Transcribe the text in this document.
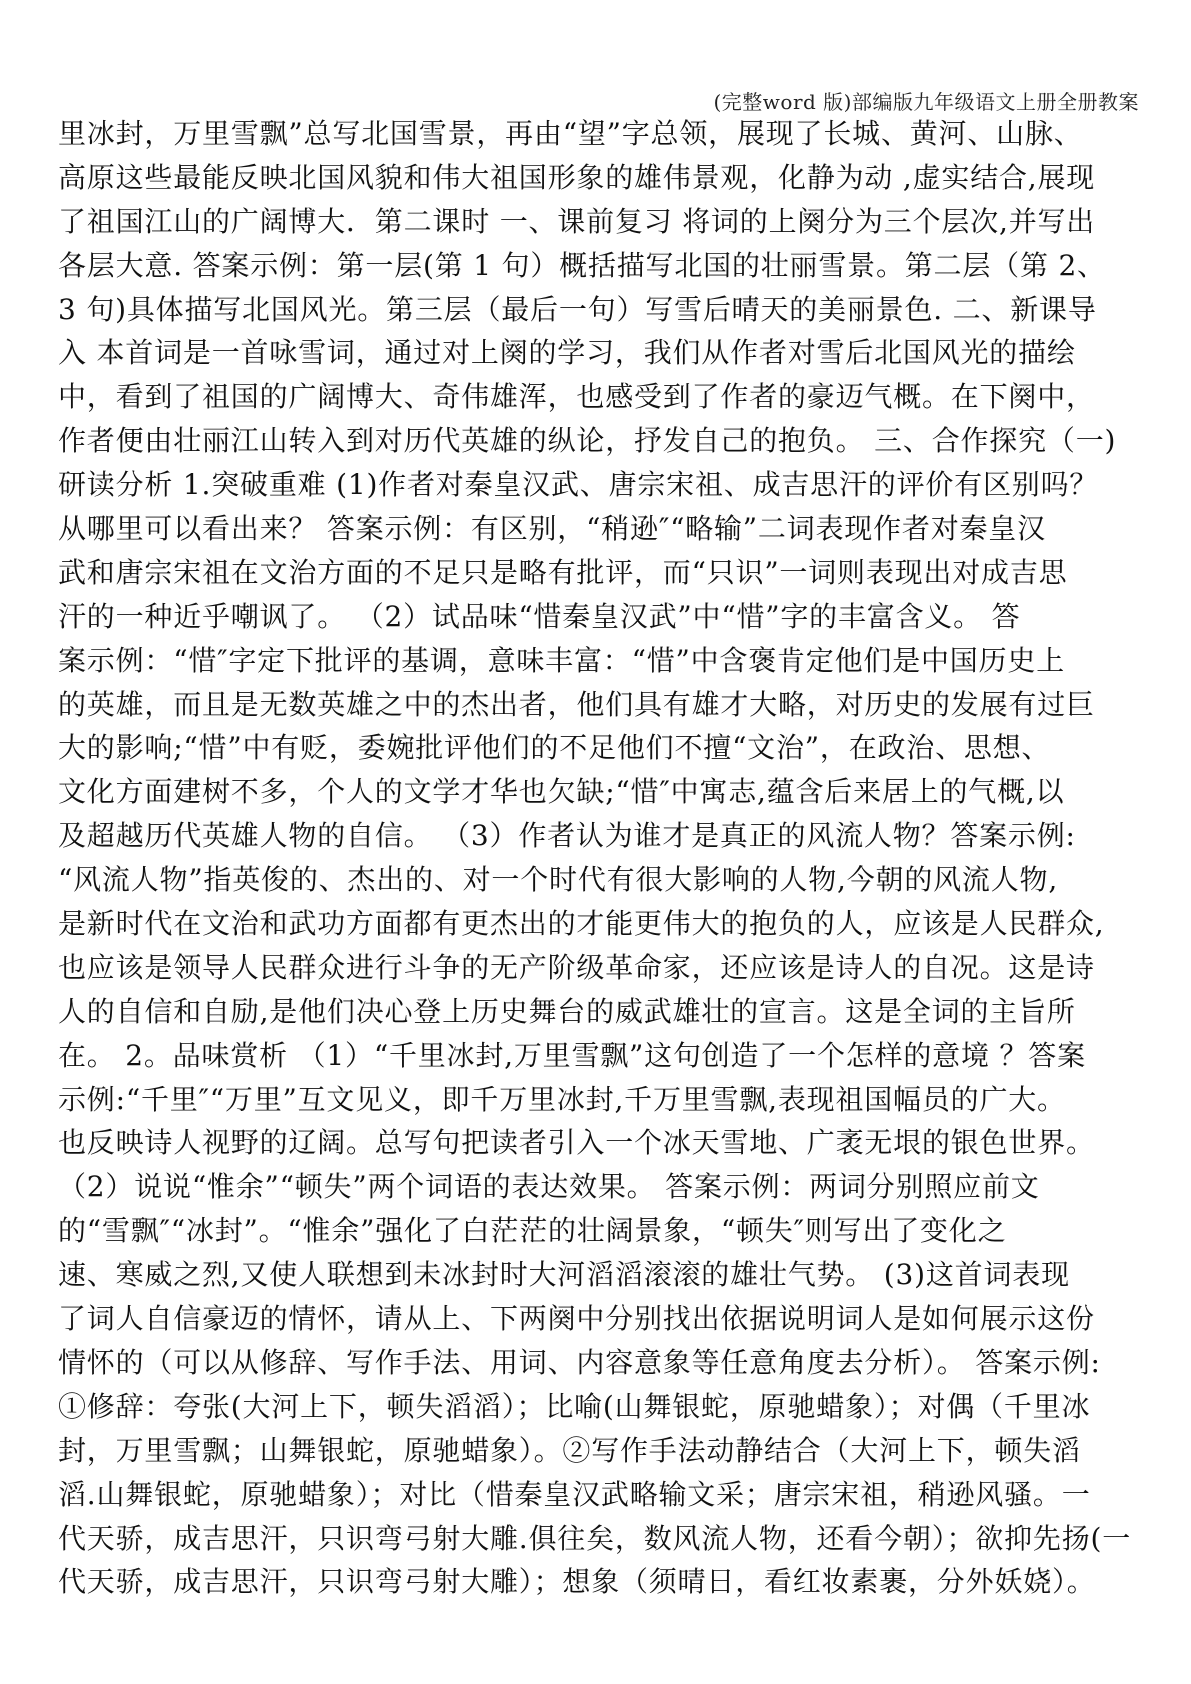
(完整word 版)部编版九年级语文上册全册教案
里冰封，万里雪飘”总写北国雪景，再由“望”字总领，展现了长城、黄河、山脉、
高原这些最能反映北国风貌和伟大祖国形象的雄伟景观，化静为动 ,虚实结合,展现
了祖国江山的广阔博大．第二课时 一、课前复习 将词的上阕分为三个层次,并写出
各层大意. 答案示例：第一层(第 1 句）概括描写北国的壮丽雪景。第二层（第 2、
3 句)具体描写北国风光。第三层（最后一句）写雪后晴天的美丽景色. 二、新课导
入 本首词是一首咏雪词，通过对上阕的学习，我们从作者对雪后北国风光的描绘
中，看到了祖国的广阔博大、奇伟雄浑，也感受到了作者的豪迈气概。在下阕中，
作者便由壮丽江山转入到对历代英雄的纵论，抒发自己的抱负。 三、合作探究（一)
研读分析 1.突破重难 (1)作者对秦皇汉武、唐宗宋祖、成吉思汗的评价有区别吗？
从哪里可以看出来？ 答案示例：有区别，“稍逊″“略输”二词表现作者对秦皇汉
武和唐宗宋祖在文治方面的不足只是略有批评，而“只识”一词则表现出对成吉思
汗的一种近乎嘲讽了。 （2）试品味“惜秦皇汉武”中“惜”字的丰富含义。 答
案示例：“惜″字定下批评的基调，意味丰富：“惜”中含褒肯定他们是中国历史上
的英雄，而且是无数英雄之中的杰出者，他们具有雄才大略，对历史的发展有过巨
大的影响;“惜”中有贬，委婉批评他们的不足他们不擅“文治”，在政治、思想、
文化方面建树不多，个人的文学才华也欠缺;“惜″中寓志,蕴含后来居上的气概,以
及超越历代英雄人物的自信。 （3）作者认为谁才是真正的风流人物？答案示例:
“风流人物”指英俊的、杰出的、对一个时代有很大影响的人物,今朝的风流人物,
是新时代在文治和武功方面都有更杰出的才能更伟大的抱负的人，应该是人民群众,
也应该是领导人民群众进行斗争的无产阶级革命家，还应该是诗人的自况。这是诗
人的自信和自励,是他们决心登上历史舞台的威武雄壮的宣言。这是全词的主旨所
在。 2。品味赏析 （1）“千里冰封,万里雪飘”这句创造了一个怎样的意境 ？答案
示例:“千里″“万里”互文见义，即千万里冰封,千万里雪飘,表现祖国幅员的广大。
也反映诗人视野的辽阔。总写句把读者引入一个冰天雪地、广袤无垠的银色世界。
（2）说说“惟余”“顿失”两个词语的表达效果。 答案示例：两词分别照应前文
的“雪飘″“冰封”。“惟余”强化了白茫茫的壮阔景象，“顿失″则写出了变化之
速、寒威之烈,又使人联想到未冰封时大河滔滔滚滚的雄壮气势。 (3)这首词表现
了词人自信豪迈的情怀，请从上、下两阕中分别找出依据说明词人是如何展示这份
情怀的（可以从修辞、写作手法、用词、内容意象等任意角度去分析）。 答案示例:
①修辞：夸张(大河上下，顿失滔滔）；比喻(山舞银蛇，原驰蜡象）；对偶（千里冰
封，万里雪飘；山舞银蛇，原驰蜡象）。②写作手法动静结合（大河上下，顿失滔
滔.山舞银蛇，原驰蜡象）；对比（惜秦皇汉武略输文采；唐宗宋祖，稍逊风骚。一
代天骄，成吉思汗，只识弯弓射大雕.俱往矣，数风流人物，还看今朝）；欲抑先扬(一
代天骄，成吉思汗，只识弯弓射大雕）；想象（须晴日，看红妆素裹，分外妖娆）。
